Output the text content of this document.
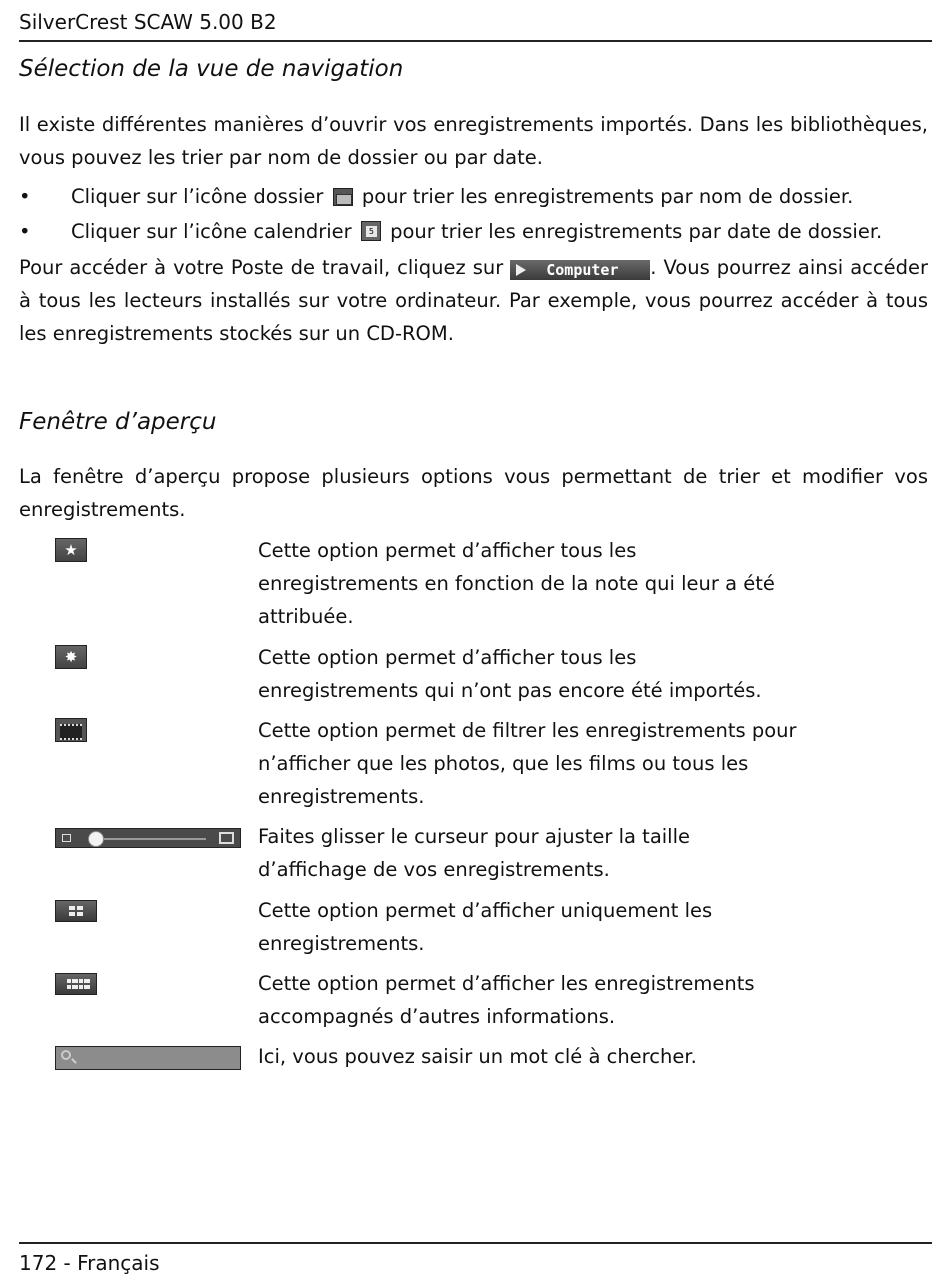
SilverCrest SCAW 5.00 B2
Sélection de la vue de navigation
Il existe différentes manières d’ouvrir vos enregistrements importés. Dans les bibliothèques, vous pouvez les trier par nom de dossier ou par date.
•	Cliquer sur l’icône dossier pour trier les enregistrements par nom de dossier.
•	Cliquer sur l’icône calendrier	5 pour trier les enregistrements par date de dossier.
Pour accéder à votre Poste de travail, cliquez sur	Computer . Vous pourrez ainsi accéder à tous les lecteurs installés sur votre ordinateur. Par exemple, vous pourrez accéder à tous les enregistrements stockés sur un CD-ROM.
Fenêtre d’aperçu
La fenêtre d’aperçu propose plusieurs options vous permettant de trier et modifier vos enregistrements.
★	Cette option permet d’afficher tous les enregistrements en fonction de la note qui leur a été attribuée.
✸	Cette option permet d’afficher tous les enregistrements qui n’ont pas encore été importés.
Cette option permet de filtrer les enregistrements pour n’afficher que les photos, que les films ou tous les enregistrements.
Faites glisser le curseur pour ajuster la taille d’affichage de vos enregistrements.
Cette option permet d’afficher uniquement les enregistrements.
Cette option permet d’afficher les enregistrements accompagnés d’autres informations.
Ici, vous pouvez saisir un mot clé à chercher.
172 - Français
